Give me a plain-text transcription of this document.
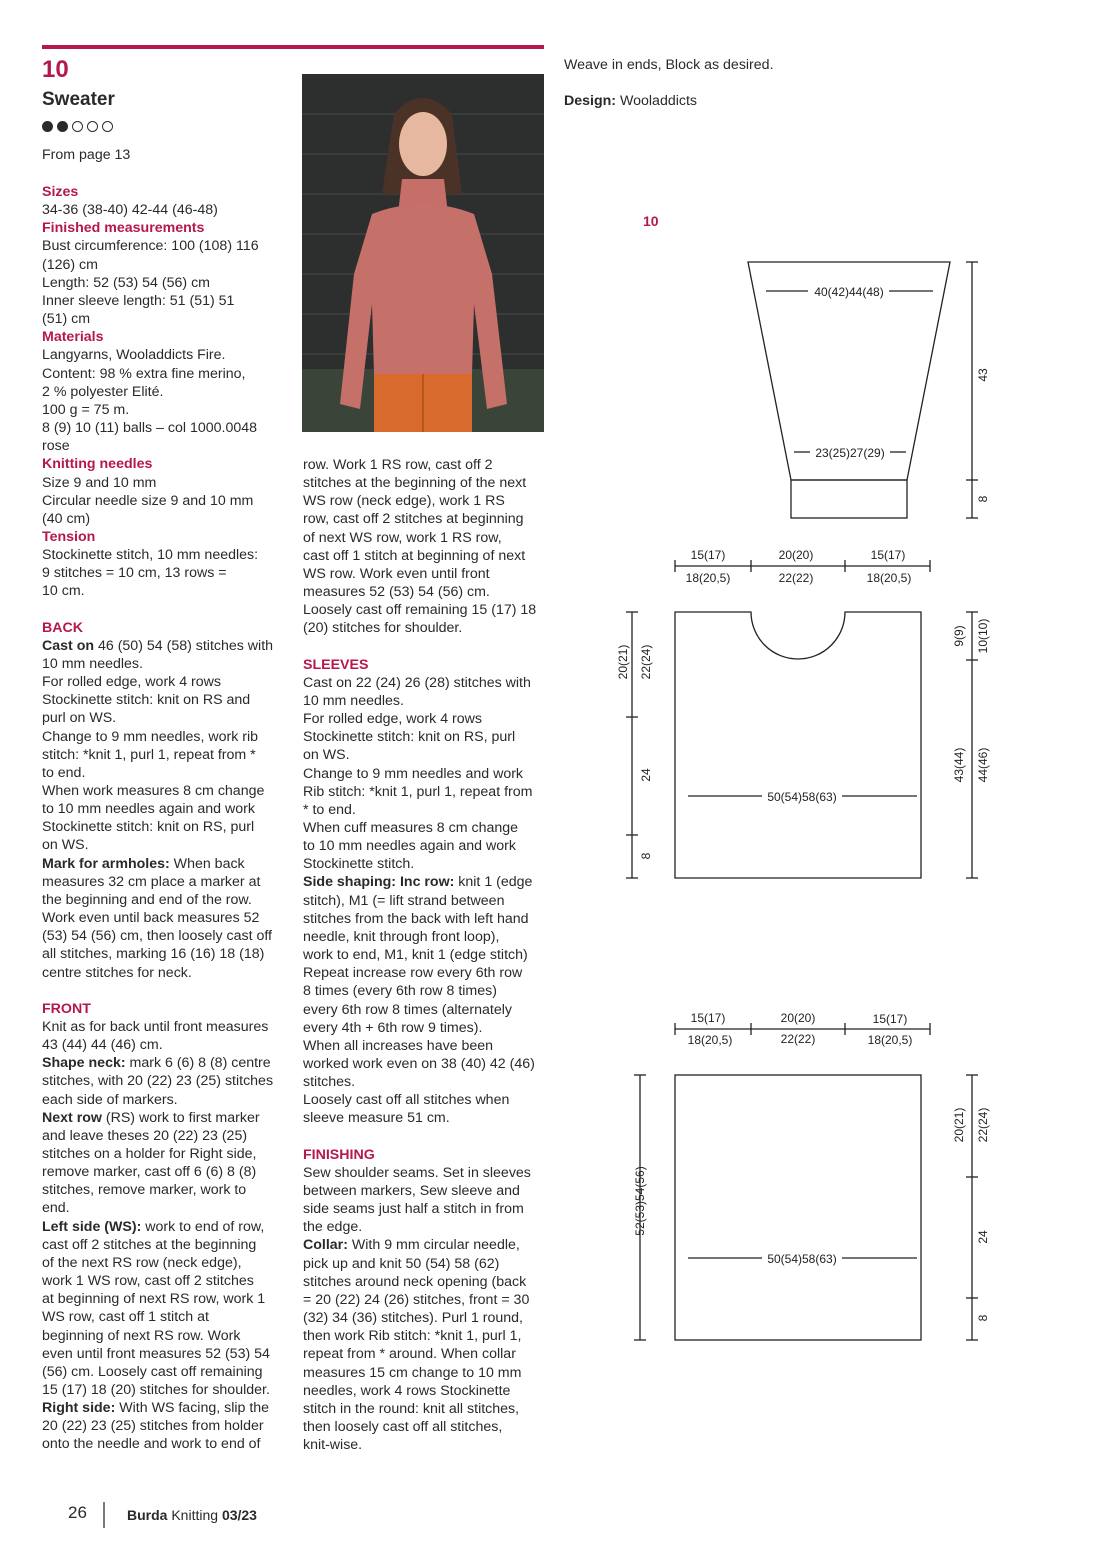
10
Sweater
From page 13

Sizes

34-36 (38-40) 42-44 (46-48)

Finished measurements

Bust circumference: 100 (108) 116

(126) cm

Length: 52 (53) 54 (56) cm

Inner sleeve length: 51 (51) 51

(51) cm

Materials

Langyarns, Wooladdicts Fire.

Content: 98 % extra fine merino,

2 % polyester Elité.

100 g = 75 m.

8 (9) 10 (11) balls – col 1000.0048

rose

Knitting needles

Size 9 and 10 mm

Circular needle size 9 and 10 mm

(40 cm)

Tension

Stockinette stitch, 10 mm needles:

9 stitches = 10 cm, 13 rows =

10 cm.

BACK

Cast on 46 (50) 54 (58) stitches with

10 mm needles.

For rolled edge, work 4 rows

Stockinette stitch: knit on RS and

purl on WS.

Change to 9 mm needles, work rib

stitch: *knit 1, purl 1, repeat from *

to end.

When work measures 8 cm change

to 10 mm needles again and work

Stockinette stitch: knit on RS, purl

on WS.

Mark for armholes: When back

measures 32 cm place a marker at

the beginning and end of the row.

Work even until back measures 52

(53) 54 (56) cm, then loosely cast off

all stitches, marking 16 (16) 18 (18)

centre stitches for neck.

FRONT

Knit as for back until front measures

43 (44) 44 (46) cm.

Shape neck: mark 6 (6) 8 (8) centre

stitches, with 20 (22) 23 (25) stitches

each side of markers.

Next row (RS) work to first marker

and leave theses 20 (22) 23 (25)

stitches on a holder for Right side,

remove marker, cast off 6 (6) 8 (8)

stitches, remove marker, work to

end.

Left side (WS): work to end of row,

cast off 2 stitches at the beginning

of the next RS row (neck edge),

work 1 WS row, cast off 2 stitches

at beginning of next RS row, work 1

WS row, cast off 1 stitch at

beginning of next RS row. Work

even until front measures 52 (53) 54

(56) cm. Loosely cast off remaining

15 (17) 18 (20) stitches for shoulder.

Right side: With WS facing, slip the

20 (22) 23 (25) stitches from holder

onto the needle and work to end of

row. Work 1 RS row, cast off 2

stitches at the beginning of the next

WS row (neck edge), work 1 RS

row, cast off 2 stitches at beginning

of next WS row, work 1 RS row,

cast off 1 stitch at beginning of next

WS row. Work even until front

measures 52 (53) 54 (56) cm.

Loosely cast off remaining 15 (17) 18

(20) stitches for shoulder.

SLEEVES

Cast on 22 (24) 26 (28) stitches with

10 mm needles.

For rolled edge, work 4 rows

Stockinette stitch: knit on RS, purl

on WS.

Change to 9 mm needles and work

Rib stitch: *knit 1, purl 1, repeat from

* to end.

When cuff measures 8 cm change

to 10 mm needles again and work

Stockinette stitch.

Side shaping: Inc row: knit 1 (edge

stitch), M1 (= lift strand between

stitches from the back with left hand

needle, knit through front loop),

work to end, M1, knit 1 (edge stitch)

Repeat increase row every 6th row

8 times (every 6th row 8 times)

every 6th row 8 times (alternately

every 4th + 6th row 9 times).

When all increases have been

worked work even on 38 (40) 42 (46)

stitches.

Loosely cast off all stitches when

sleeve measure 51 cm.

FINISHING

Sew shoulder seams. Set in sleeves

between markers, Sew sleeve and

side seams just half a stitch in from

the edge.

Collar: With 9 mm circular needle,

pick up and knit 50 (54) 58 (62)

stitches around neck opening (back

= 20 (22) 24 (26) stitches, front = 30

(32) 34 (36) stitches). Purl 1 round,

then work Rib stitch: *knit 1, purl 1,

repeat from * around. When collar

measures 15 cm change to 10 mm

needles, work 4 rows Stockinette

stitch in the round: knit all stitches,

then loosely cast off all stitches,

knit-wise.

Weave in ends, Block as desired.
Design: Wooladdicts
10
40(42)44(48)
23(25)27(29)
43
8
15(17)	20(20)	15(17)
18(20,5)	22(22)	18(20,5)
20(21) 22(24)
24
8
50(54)58(63)
9(9) 10(10)
43(44) 44(46)
15(17)	20(20)	15(17)
18(20,5)	22(22)	18(20,5)
52(53)54(56)
50(54)58(63)
20(21) 22(24)
24
8
26	Burda Knitting 03/23
